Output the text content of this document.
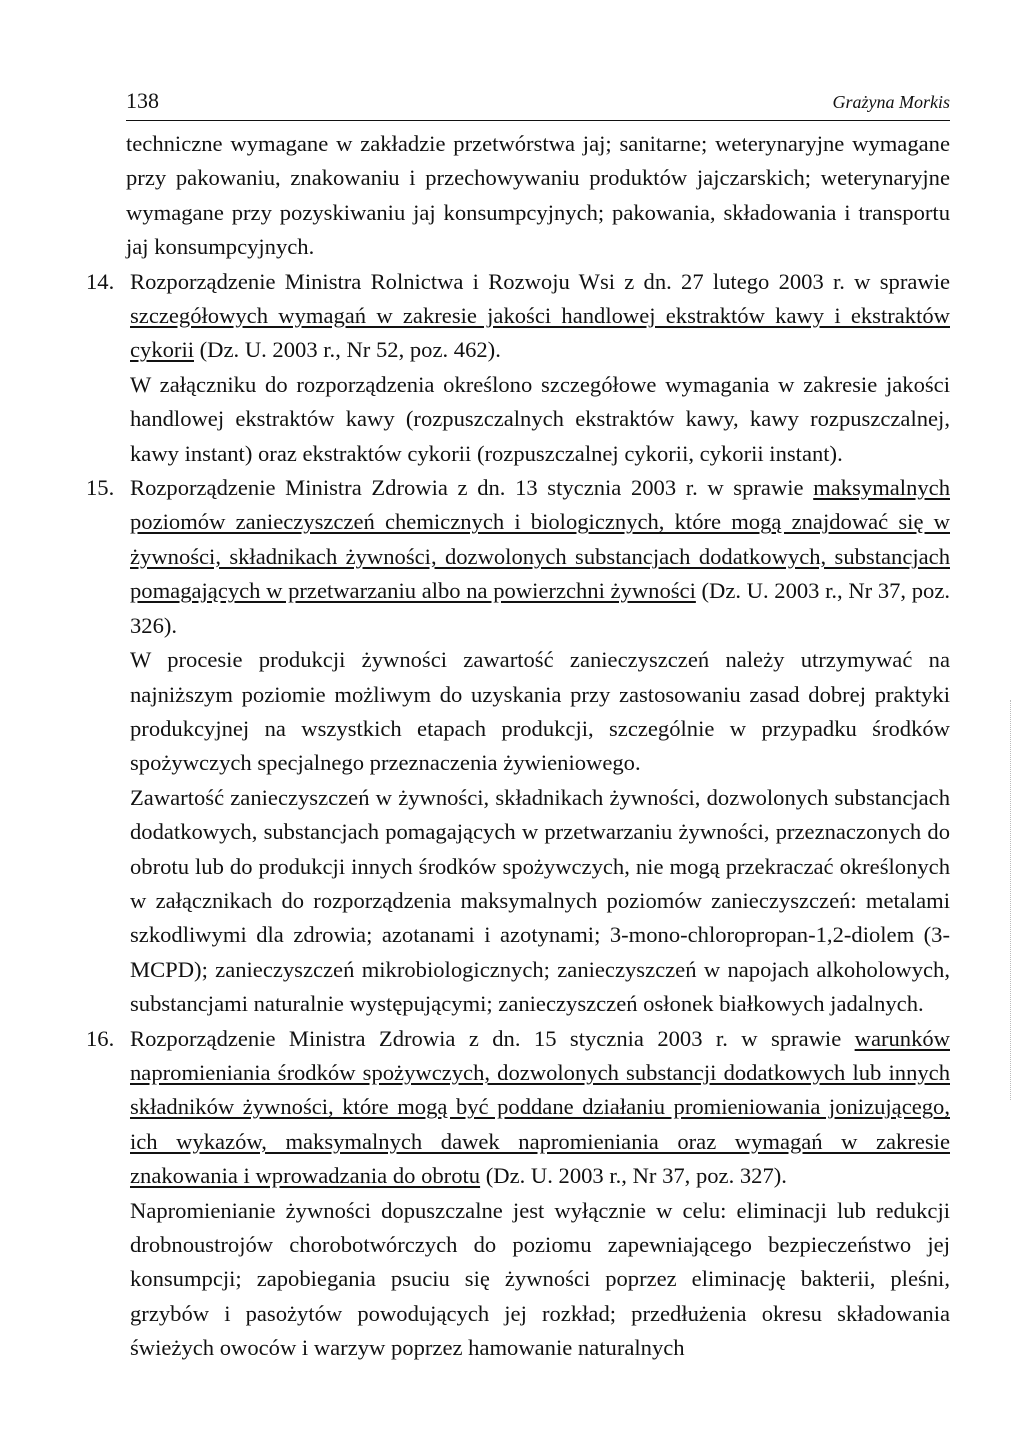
138	Grażyna Morkis

techniczne wymagane w zakładzie przetwórstwa jaj; sanitarne; weterynaryjne wymagane przy pakowaniu, znakowaniu i przechowywaniu produktów jajczarskich; weterynaryjne wymagane przy pozyskiwaniu jaj konsumpcyjnych; pakowania, składowania i transportu jaj konsumpcyjnych.

14. Rozporządzenie Ministra Rolnictwa i Rozwoju Wsi z dn. 27 lutego 2003 r. w sprawie szczegółowych wymagań w zakresie jakości handlowej ekstraktów kawy i ekstraktów cykorii (Dz. U. 2003 r., Nr 52, poz. 462).

W załączniku do rozporządzenia określono szczegółowe wymagania w zakresie jakości handlowej ekstraktów kawy (rozpuszczalnych ekstraktów kawy, kawy rozpuszczalnej, kawy instant) oraz ekstraktów cykorii (rozpuszczalnej cykorii, cykorii instant).

15. Rozporządzenie Ministra Zdrowia z dn. 13 stycznia 2003 r. w sprawie maksymalnych poziomów zanieczyszczeń chemicznych i biologicznych, które mogą znajdować się w żywności, składnikach żywności, dozwolonych substancjach dodatkowych, substancjach pomagających w przetwarzaniu albo na powierzchni żywności (Dz. U. 2003 r., Nr 37, poz. 326).

W procesie produkcji żywności zawartość zanieczyszczeń należy utrzymywać na najniższym poziomie możliwym do uzyskania przy zastosowaniu zasad dobrej praktyki produkcyjnej na wszystkich etapach produkcji, szczególnie w przypadku środków spożywczych specjalnego przeznaczenia żywieniowego.

Zawartość zanieczyszczeń w żywności, składnikach żywności, dozwolonych substancjach dodatkowych, substancjach pomagających w przetwarzaniu żywności, przeznaczonych do obrotu lub do produkcji innych środków spożywczych, nie mogą przekraczać określonych w załącznikach do rozporządzenia maksymalnych poziomów zanieczyszczeń: metalami szkodliwymi dla zdrowia; azotanami i azotynami; 3-mono-chloropropan-1,2-diolem (3-MCPD); zanieczyszczeń mikrobiologicznych; zanieczyszczeń w napojach alkoholowych, substancjami naturalnie występującymi; zanieczyszczeń osłonek białkowych jadalnych.

16. Rozporządzenie Ministra Zdrowia z dn. 15 stycznia 2003 r. w sprawie warunków napromieniania środków spożywczych, dozwolonych substancji dodatkowych lub innych składników żywności, które mogą być poddane działaniu promieniowania jonizującego, ich wykazów, maksymalnych dawek napromieniania oraz wymagań w zakresie znakowania i wprowadzania do obrotu (Dz. U. 2003 r., Nr 37, poz. 327).

Napromienianie żywności dopuszczalne jest wyłącznie w celu: eliminacji lub redukcji drobnoustrojów chorobotwórczych do poziomu zapewniającego bezpieczeństwo jej konsumpcji; zapobiegania psuciu się żywności poprzez eliminację bakterii, pleśni, grzybów i pasożytów powodujących jej rozkład; przedłużenia okresu składowania świeżych owoców i warzyw poprzez hamowanie naturalnych
